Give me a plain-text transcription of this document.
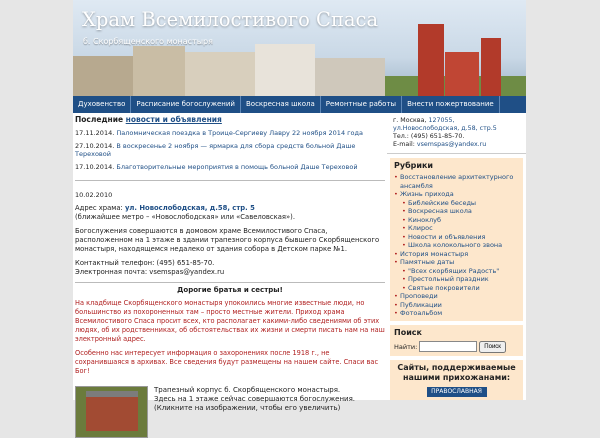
Храм Всемилостивого Спаса
б. Скорбященского монастыря
Духовенство	Расписание богослужений	Воскресная школа	Ремонтные работы	Внести пожертвование
Последние новости и объявления
17.11.2014. Паломническая поездка в Троице-Сергиеву Лавру 22 ноября 2014 года
27.10.2014. В воскресенье 2 ноября — ярмарка для сбора средств больной Даше Тереховой
17.10.2014. Благотворительные мероприятия в помощь больной Даше Тереховой
10.02.2010
Адрес храма: ул. Новослободская, д.58, стр. 5
(ближайшее метро – «Новослободская» или «Савеловская»).
Богослужения совершаются в домовом храме Всемилостивого Спаса, расположенном на 1 этаже в здании трапезного корпуса бывшего Скорбященского монастыря, находящемся недалеко от здания собора в Детском парке №1.
Контактный телефон: (495) 651-85-70.
Электронная почта: vsemspas@yandex.ru
Дорогие братья и сестры!
На кладбище Скорбященского монастыря упокоились многие известные люди, но большинство из похороненных там – просто местные жители. Приход храма Всемилостивого Спаса просит всех, кто располагает какими-либо сведениями об этих людях, об их родственниках, об обстоятельствах их жизни и смерти писать нам на наш электронный адрес.
Особенно нас интересует информация о захоронениях после 1918 г., не сохранившаяся в архивах. Все сведения будут размещены на нашем сайте. Спаси вас Бог!
Трапезный корпус б. Скорбященского монастыря.
Здесь на 1 этаже сейчас совершаются богослужения.
(Кликните на изображении, чтобы его увеличить)
г. Москва, 127055, ул.Новослободская, д.58, стр.5
Тел.: (495) 651-85-70.
E-mail: vsemspas@yandex.ru
Рубрики
• Восстановление архитектурного ансамбля
• Жизнь прихода
• Библейские беседы
• Воскресная школа
• Киноклуб
• Клирос
• Новости и объявления
• Школа колокольного звона
• История монастыря
• Памятные даты
• "Всех скорбящих Радость"
• Престольный праздник
• Святые покровители
• Проповеди
• Публикации
• Фотоальбом
Поиск
Найти:	Поиск
Сайты, поддерживаемые нашими прихожанами:
ПРАВОСЛАВНАЯ
